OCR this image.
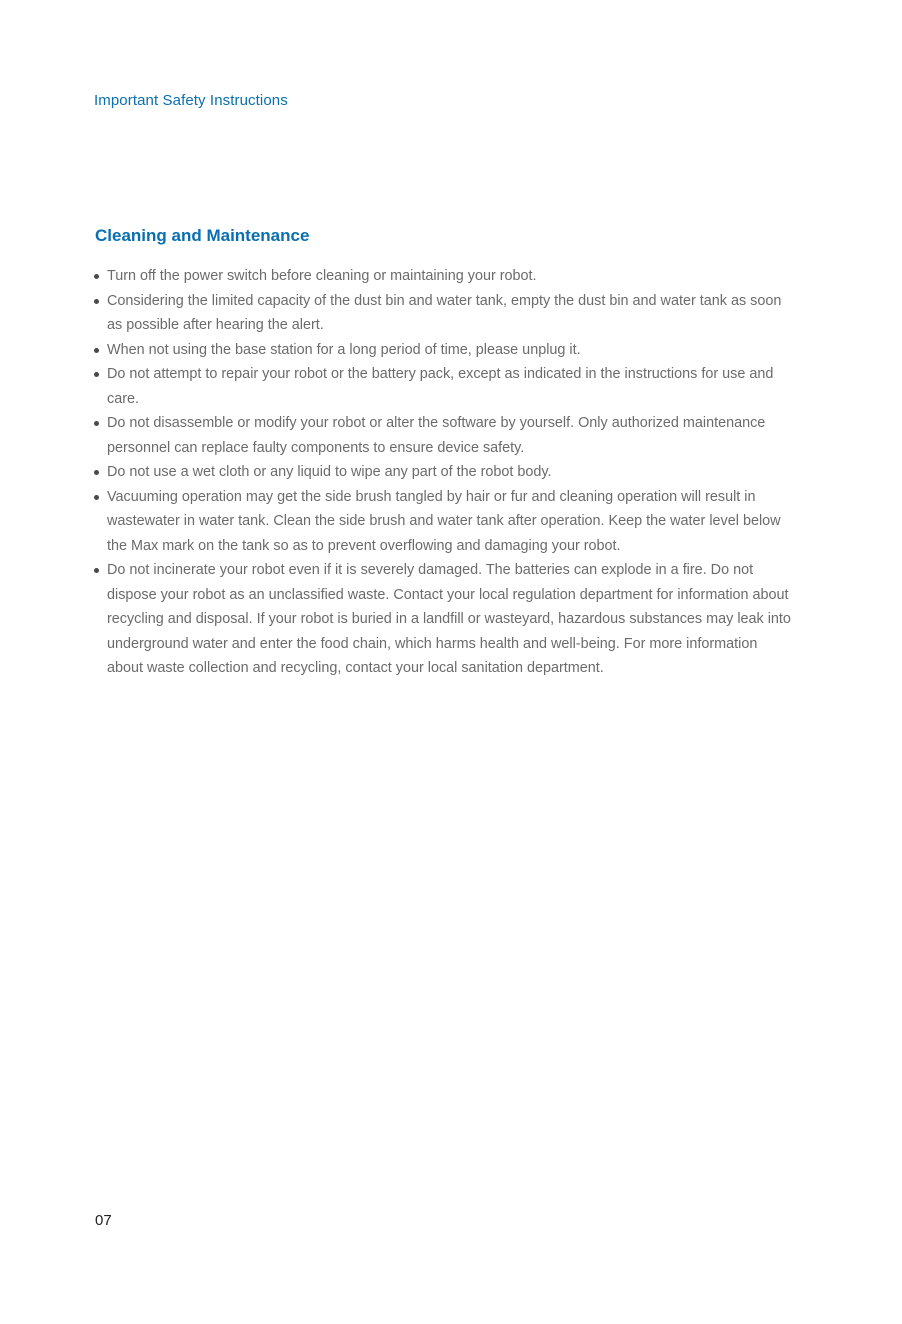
Important Safety Instructions
Cleaning and Maintenance
Turn off the power switch before cleaning or maintaining your robot.
Considering the limited capacity of the dust bin and water tank, empty the dust bin and water tank as soon as possible after hearing the alert.
When not using the base station for a long period of time, please unplug it.
Do not attempt to repair your robot or the battery pack, except as indicated in the instructions for use and care.
Do not disassemble or modify your robot or alter the software by yourself. Only authorized maintenance personnel can replace faulty components to ensure device safety.
Do not use a wet cloth or any liquid to wipe any part of the robot body.
Vacuuming operation may get the side brush tangled by hair or fur and cleaning operation will result in wastewater in water tank. Clean the side brush and water tank after operation. Keep the water level below the Max mark on the tank so as to prevent overflowing and damaging your robot.
Do not incinerate your robot even if it is severely damaged. The batteries can explode in a fire. Do not dispose your robot as an unclassified waste. Contact your local regulation department for information about recycling and disposal. If your robot is buried in a landfill or wasteyard, hazardous substances may leak into underground water and enter the food chain, which harms health and well-being. For more information about waste collection and recycling, contact your local sanitation department.
07
